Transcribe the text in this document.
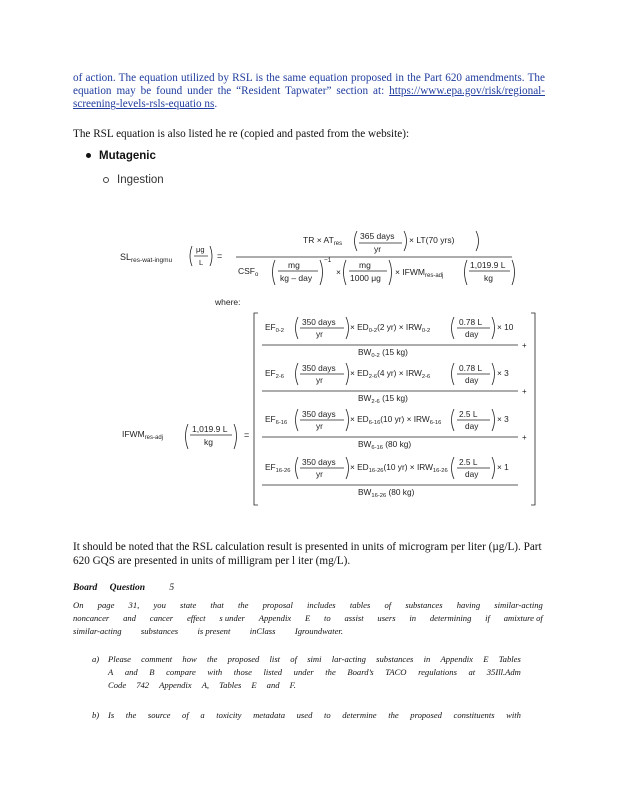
of action. The equation utilized by RSL is the same equation proposed in the Part 620 amendments. The equation may be found under the “Resident Tapwater” section at: https://www.epa.gov/risk/regional- screening-levels-rsls-equatio ns.
The RSL equation is also listed he re (copied and pasted from the website):
Mutagenic
Ingestion
$SL_{res-wat-ingmu}$
μg
L
=
TR × $AT_{res}$
365 days
yr
× LT(70 yrs)
$CSF_o$
mg
kg – day
−1
×
mg
1000 μg
× $IFWM_{res-adj}$
1,019.9 L
kg
where:
$IFWM_{res-adj}$
1,019.9 L
kg
=
$EF_{0-2}$
350 days
yr
× $ED_{0-2}(2$ $yr) \times IRW_{0-2}$
0.78 L
day
× 10
$BW_{0-2}$ (15 kg)
+
$EF_{2-6}$
350 days
yr
× $ED_{2-6}(4$ $yr) \times IRW_{2-6}$
0.78 L
day
× 3
$BW_{2-6}$ (15 kg)
+
$EF_{6-16}$
350 days
yr
× $ED_{6-16}(10$ $yr) \times IRW_{6-16}$
2.5 L
day
× 3
$BW_{6-16}$ (80 kg)
+
$EF_{16-26}$
350 days
yr
× $ED_{16-26}(10$ $yr) \times IRW_{16-26}$
2.5 L
day
× 1
$BW_{16-26}$ (80 kg)
It should be noted that the RSL calculation result is presented in units of microgram per liter (µg/L). Part 620 GQS are presented in units of milligram per l iter (mg/L).
Board Question	5
On page 31, you state that the proposal includes tables of substances having similar-acting
noncancer and cancer effect s under Appendix E to assist users in determining if amixture of
similar-acting substances is present inClass Igroundwater.
a) Please comment how the proposed list of simi lar-acting substances in Appendix E Tables
A and B compare with those listed under the Board’s TACO regulations at 35Ill.Adm
Code 742 Appendix A, Tables E and F.
b) Is the source of a toxicity metadata used to determine the proposed constituents with
